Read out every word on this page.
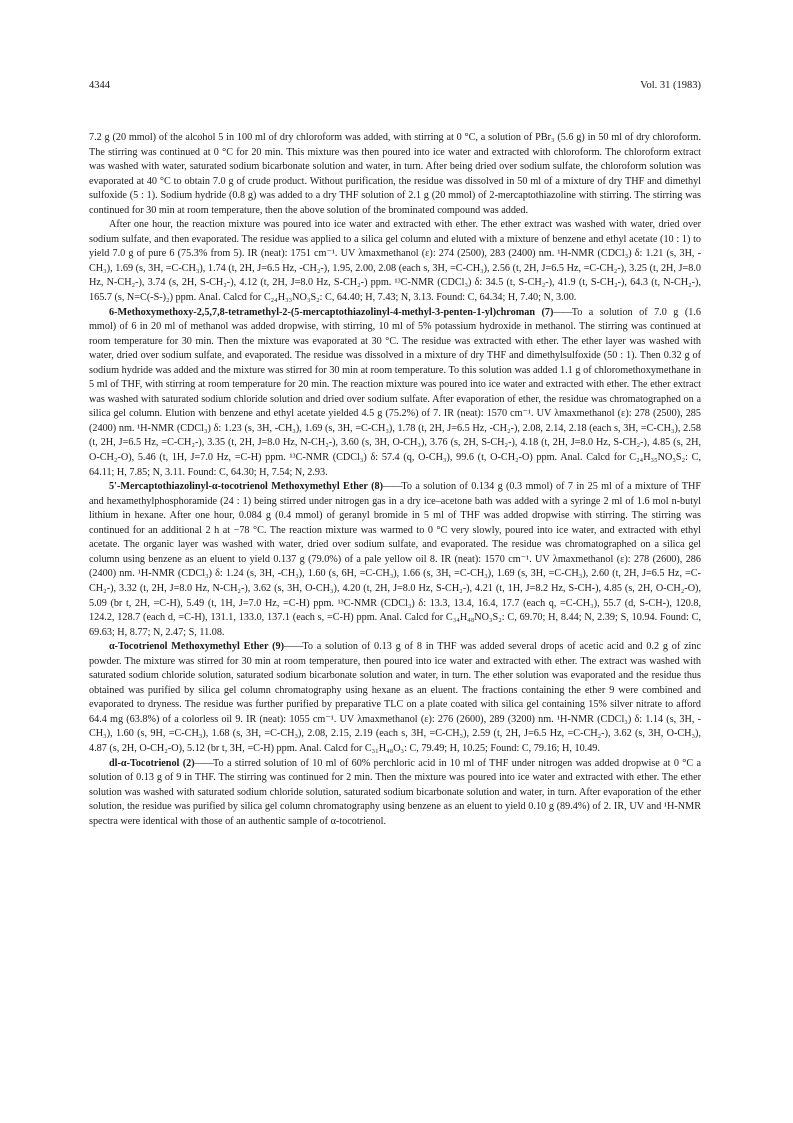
4344	Vol. 31 (1983)

7.2 g (20 mmol) of the alcohol 5 in 100 ml of dry chloroform was added, with stirring at 0 °C, a solution of PBr₃ (5.6 g) in 50 ml of dry chloroform. The stirring was continued at 0 °C for 20 min. This mixture was then poured into ice water and extracted with chloroform. The chloroform extract was washed with water, saturated sodium bicarbonate solution and water, in turn. After being dried over sodium sulfate, the chloroform solution was evaporated at 40 °C to obtain 7.0 g of crude product. Without purification, the residue was dissolved in 50 ml of a mixture of dry THF and dimethyl sulfoxide (5 : 1). Sodium hydride (0.8 g) was added to a dry THF solution of 2.1 g (20 mmol) of 2-mercaptothiazoline with stirring. The stirring was continued for 30 min at room temperature, then the above solution of the brominated compound was added.

After one hour, the reaction mixture was poured into ice water and extracted with ether. The ether extract was washed with water, dried over sodium sulfate, and then evaporated. The residue was applied to a silica gel column and eluted with a mixture of benzene and ethyl acetate (10 : 1) to yield 7.0 g of pure 6 (75.3% from 5). IR (neat): 1751 cm⁻¹. UV λmaxmethanol (ε): 274 (2500), 283 (2400) nm. ¹H-NMR (CDCl₃) δ: 1.21 (s, 3H, -CH₃), 1.69 (s, 3H, =C-CH₃), 1.74 (t, 2H, J=6.5 Hz, -CH₂-), 1.95, 2.00, 2.08 (each s, 3H, =C-CH₃), 2.56 (t, 2H, J=6.5 Hz, =C-CH₂-), 3.25 (t, 2H, J=8.0 Hz, N-CH₂-), 3.74 (s, 2H, S-CH₂-), 4.12 (t, 2H, J=8.0 Hz, S-CH₂-) ppm. ¹³C-NMR (CDCl₃) δ: 34.5 (t, S-CH₂-), 41.9 (t, S-CH₂-), 64.3 (t, N-CH₂-), 165.7 (s, N=C(-S-)₂) ppm. Anal. Calcd for C₂₄H₃₃NO₃S₂: C, 64.40; H, 7.43; N, 3.13. Found: C, 64.34; H, 7.40; N, 3.00.

6-Methoxymethoxy-2,5,7,8-tetramethyl-2-(5-mercaptothiazolinyl-4-methyl-3-penten-1-yl)chroman (7)——To a solution of 7.0 g (1.6 mmol) of 6 in 20 ml of methanol was added dropwise, with stirring, 10 ml of 5% potassium hydroxide in methanol. The stirring was continued at room temperature for 30 min. Then the mixture was evaporated at 30 °C. The residue was extracted with ether. The ether layer was washed with water, dried over sodium sulfate, and evaporated. The residue was dissolved in a mixture of dry THF and dimethylsulfoxide (50 : 1). Then 0.32 g of sodium hydride was added and the mixture was stirred for 30 min at room temperature. To this solution was added 1.1 g of chloromethoxymethane in 5 ml of THF, with stirring at room temperature for 20 min. The reaction mixture was poured into ice water and extracted with ether. The ether extract was washed with saturated sodium chloride solution and dried over sodium sulfate. After evaporation of ether, the residue was chromatographed on a silica gel column. Elution with benzene and ethyl acetate yielded 4.5 g (75.2%) of 7. IR (neat): 1570 cm⁻¹. UV λmaxmethanol (ε): 278 (2500), 285 (2400) nm. ¹H-NMR (CDCl₃) δ: 1.23 (s, 3H, -CH₃), 1.69 (s, 3H, =C-CH₃), 1.78 (t, 2H, J=6.5 Hz, -CH₂-), 2.08, 2.14, 2.18 (each s, 3H, =C-CH₃), 2.58 (t, 2H, J=6.5 Hz, =C-CH₂-), 3.35 (t, 2H, J=8.0 Hz, N-CH₂-), 3.60 (s, 3H, O-CH₃), 3.76 (s, 2H, S-CH₂-), 4.18 (t, 2H, J=8.0 Hz, S-CH₂-), 4.85 (s, 2H, O-CH₂-O), 5.46 (t, 1H, J=7.0 Hz, =C-H) ppm. ¹³C-NMR (CDCl₃) δ: 57.4 (q, O-CH₃), 99.6 (t, O-CH₂-O) ppm. Anal. Calcd for C₂₄H₃₅NO₃S₂: C, 64.11; H, 7.85; N, 3.11. Found: C, 64.30; H, 7.54; N, 2.93.

5′-Mercaptothiazolinyl-α-tocotrienol Methoxymethyl Ether (8)——To a solution of 0.134 g (0.3 mmol) of 7 in 25 ml of a mixture of THF and hexamethylphosphoramide (24 : 1) being stirred under nitrogen gas in a dry ice–acetone bath was added with a syringe 2 ml of 1.6 mol n-butyl lithium in hexane. After one hour, 0.084 g (0.4 mmol) of geranyl bromide in 5 ml of THF was added dropwise with stirring. The stirring was continued for an additional 2 h at −78 °C. The reaction mixture was warmed to 0 °C very slowly, poured into ice water, and extracted with ethyl acetate. The organic layer was washed with water, dried over sodium sulfate, and evaporated. The residue was chromatographed on a silica gel column using benzene as an eluent to yield 0.137 g (79.0%) of a pale yellow oil 8. IR (neat): 1570 cm⁻¹. UV λmaxmethanol (ε): 278 (2600), 286 (2400) nm. ¹H-NMR (CDCl₃) δ: 1.24 (s, 3H, -CH₃), 1.60 (s, 6H, =C-CH₃), 1.66 (s, 3H, =C-CH₃), 1.69 (s, 3H, =C-CH₃), 2.60 (t, 2H, J=6.5 Hz, =C-CH₂-), 3.32 (t, 2H, J=8.0 Hz, N-CH₂-), 3.62 (s, 3H, O-CH₃), 4.20 (t, 2H, J=8.0 Hz, S-CH₂-), 4.21 (t, 1H, J=8.2 Hz, S-CH-), 4.85 (s, 2H, O-CH₂-O), 5.09 (br t, 2H, =C-H), 5.49 (t, 1H, J=7.0 Hz, =C-H) ppm. ¹³C-NMR (CDCl₃) δ: 13.3, 13.4, 16.4, 17.7 (each q, =C-CH₃), 55.7 (d, S-CH-), 120.8, 124.2, 128.7 (each d, =C-H), 131.1, 133.0, 137.1 (each s, =C-H) ppm. Anal. Calcd for C₃₄H₄₈NO₃S₂: C, 69.70; H, 8.44; N, 2.39; S, 10.94. Found: C, 69.63; H, 8.77; N, 2.47; S, 11.08.

α-Tocotrienol Methoxymethyl Ether (9)——To a solution of 0.13 g of 8 in THF was added several drops of acetic acid and 0.2 g of zinc powder. The mixture was stirred for 30 min at room temperature, then poured into ice water and extracted with ether. The extract was washed with saturated sodium chloride solution, saturated sodium bicarbonate solution and water, in turn. The ether solution was evaporated and the residue thus obtained was purified by silica gel column chromatography using hexane as an eluent. The fractions containing the ether 9 were combined and evaporated to dryness. The residue was further purified by preparative TLC on a plate coated with silica gel containing 15% silver nitrate to afford 64.4 mg (63.8%) of a colorless oil 9. IR (neat): 1055 cm⁻¹. UV λmaxmethanol (ε): 276 (2600), 289 (3200) nm. ¹H-NMR (CDCl₃) δ: 1.14 (s, 3H, -CH₃), 1.60 (s, 9H, =C-CH₃), 1.68 (s, 3H, =C-CH₃), 2.08, 2.15, 2.19 (each s, 3H, =C-CH₃), 2.59 (t, 2H, J=6.5 Hz, =C-CH₂-), 3.62 (s, 3H, O-CH₃), 4.87 (s, 2H, O-CH₂-O), 5.12 (br t, 3H, =C-H) ppm. Anal. Calcd for C₃₁H₄₈O₃: C, 79.49; H, 10.25; Found: C, 79.16; H, 10.49.

dl-α-Tocotrienol (2)——To a stirred solution of 10 ml of 60% perchloric acid in 10 ml of THF under nitrogen was added dropwise at 0 °C a solution of 0.13 g of 9 in THF. The stirring was continued for 2 min. Then the mixture was poured into ice water and extracted with ether. The ether solution was washed with saturated sodium chloride solution, saturated sodium bicarbonate solution and water, in turn. After evaporation of the ether solution, the residue was purified by silica gel column chromatography using benzene as an eluent to yield 0.10 g (89.4%) of 2. IR, UV and ¹H-NMR spectra were identical with those of an authentic sample of α-tocotrienol.
